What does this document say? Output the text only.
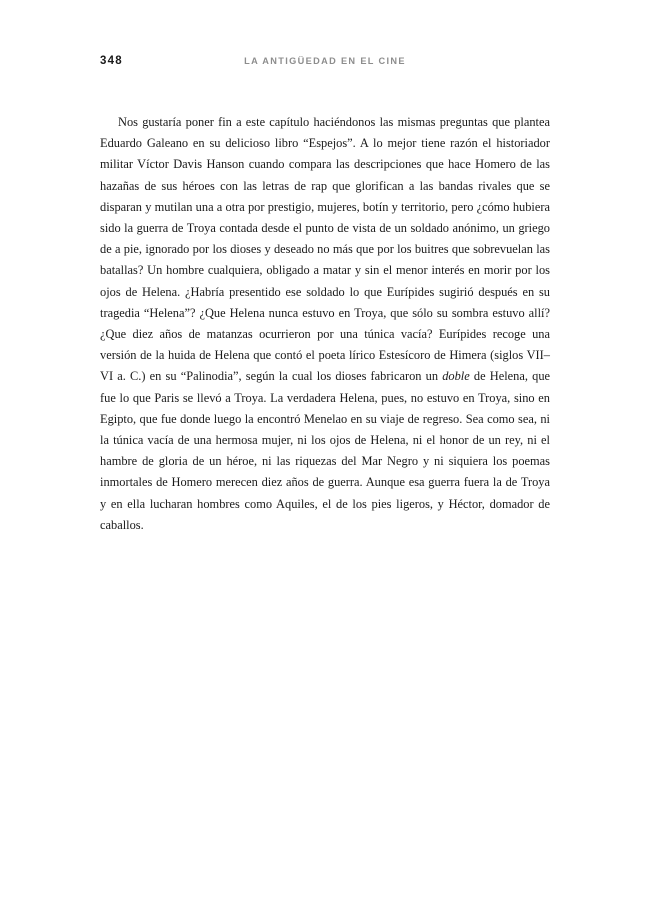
348	LA ANTIGÜEDAD EN EL CINE

Nos gustaría poner fin a este capítulo haciéndonos las mismas preguntas que plantea Eduardo Galeano en su delicioso libro “Espejos”. A lo mejor tiene razón el historiador militar Víctor Davis Hanson cuando compara las descripciones que hace Homero de las hazañas de sus héroes con las letras de rap que glorifican a las bandas rivales que se disparan y mutilan una a otra por prestigio, mujeres, botín y territorio, pero ¿cómo hubiera sido la guerra de Troya contada desde el punto de vista de un soldado anónimo, un griego de a pie, ignorado por los dioses y deseado no más que por los buitres que sobrevuelan las batallas? Un hombre cualquiera, obligado a matar y sin el menor interés en morir por los ojos de Helena. ¿Habría presentido ese soldado lo que Eurípides sugirió después en su tragedia “Helena”? ¿Que Helena nunca estuvo en Troya, que sólo su sombra estuvo allí? ¿Que diez años de matanzas ocurrieron por una túnica vacía? Eurípides recoge una versión de la huida de Helena que contó el poeta lírico Estesícoro de Himera (siglos VII–VI a. C.) en su “Palinodia”, según la cual los dioses fabricaron un doble de Helena, que fue lo que Paris se llevó a Troya. La verdadera Helena, pues, no estuvo en Troya, sino en Egipto, que fue donde luego la encontró Menelao en su viaje de regreso. Sea como sea, ni la túnica vacía de una hermosa mujer, ni los ojos de Helena, ni el honor de un rey, ni el hambre de gloria de un héroe, ni las riquezas del Mar Negro y ni siquiera los poemas inmortales de Homero merecen diez años de guerra. Aunque esa guerra fuera la de Troya y en ella lucharan hombres como Aquiles, el de los pies ligeros, y Héctor, domador de caballos.
